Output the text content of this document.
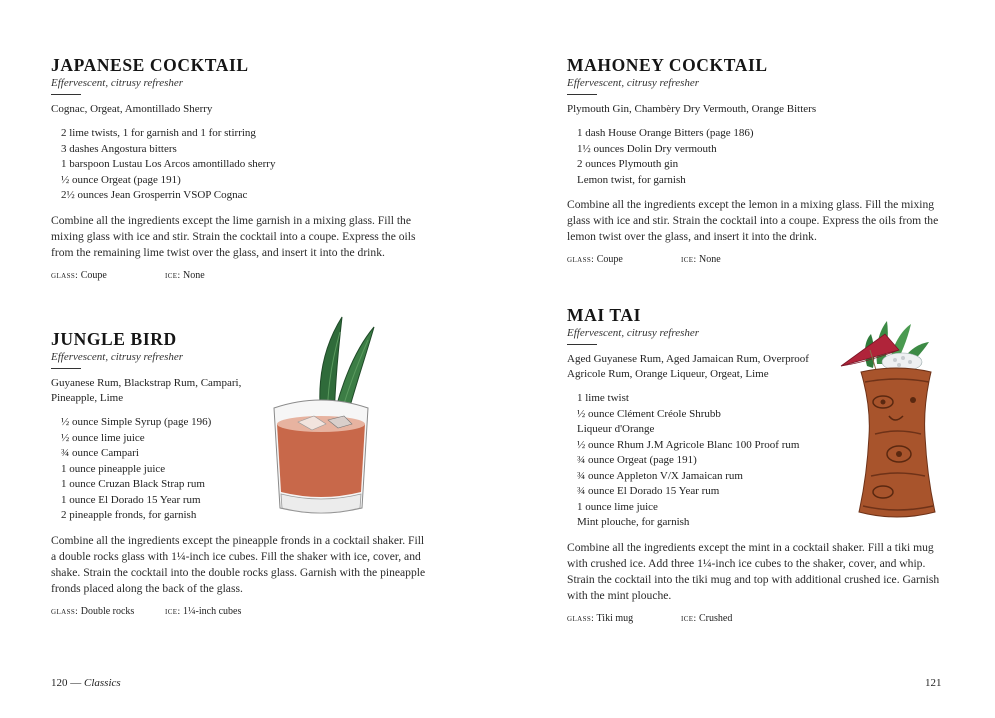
JAPANESE COCKTAIL
Effervescent, citrusy refresher
Cognac, Orgeat, Amontillado Sherry
2 lime twists, 1 for garnish and 1 for stirring
3 dashes Angostura bitters
1 barspoon Lustau Los Arcos amontillado sherry
½ ounce Orgeat (page 191)
2½ ounces Jean Grosperrin VSOP Cognac
Combine all the ingredients except the lime garnish in a mixing glass. Fill the mixing glass with ice and stir. Strain the cocktail into a coupe. Express the oils from the remaining lime twist over the glass, and insert it into the drink.
glass: Coupe	ice: None
JUNGLE BIRD
Effervescent, citrusy refresher
Guyanese Rum, Blackstrap Rum, Campari, Pineapple, Lime
½ ounce Simple Syrup (page 196)
½ ounce lime juice
¾ ounce Campari
1 ounce pineapple juice
1 ounce Cruzan Black Strap rum
1 ounce El Dorado 15 Year rum
2 pineapple fronds, for garnish
Combine all the ingredients except the pineapple fronds in a cocktail shaker. Fill a double rocks glass with 1¼-inch ice cubes. Fill the shaker with ice, cover, and shake. Strain the cocktail into the double rocks glass. Garnish with the pineapple fronds placed along the back of the glass.
glass: Double rocks	ice: 1¼-inch cubes
120 — Classics
MAHONEY COCKTAIL
Effervescent, citrusy refresher
Plymouth Gin, Chambèry Dry Vermouth, Orange Bitters
1 dash House Orange Bitters (page 186)
1½ ounces Dolin Dry vermouth
2 ounces Plymouth gin
Lemon twist, for garnish
Combine all the ingredients except the lemon in a mixing glass. Fill the mixing glass with ice and stir. Strain the cocktail into a coupe. Express the oils from the lemon twist over the glass, and insert it into the drink.
glass: Coupe	ice: None
MAI TAI
Effervescent, citrusy refresher
Aged Guyanese Rum, Aged Jamaican Rum, Overproof Agricole Rum, Orange Liqueur, Orgeat, Lime
1 lime twist
½ ounce Clément Créole Shrubb Liqueur d'Orange
½ ounce Rhum J.M Agricole Blanc 100 Proof rum
¾ ounce Orgeat (page 191)
¾ ounce Appleton V/X Jamaican rum
¾ ounce El Dorado 15 Year rum
1 ounce lime juice
Mint plouche, for garnish
Combine all the ingredients except the mint in a cocktail shaker. Fill a tiki mug with crushed ice. Add three 1¼-inch ice cubes to the shaker, cover, and whip. Strain the cocktail into the tiki mug and top with additional crushed ice. Garnish with the mint plouche.
glass: Tiki mug	ice: Crushed
121
